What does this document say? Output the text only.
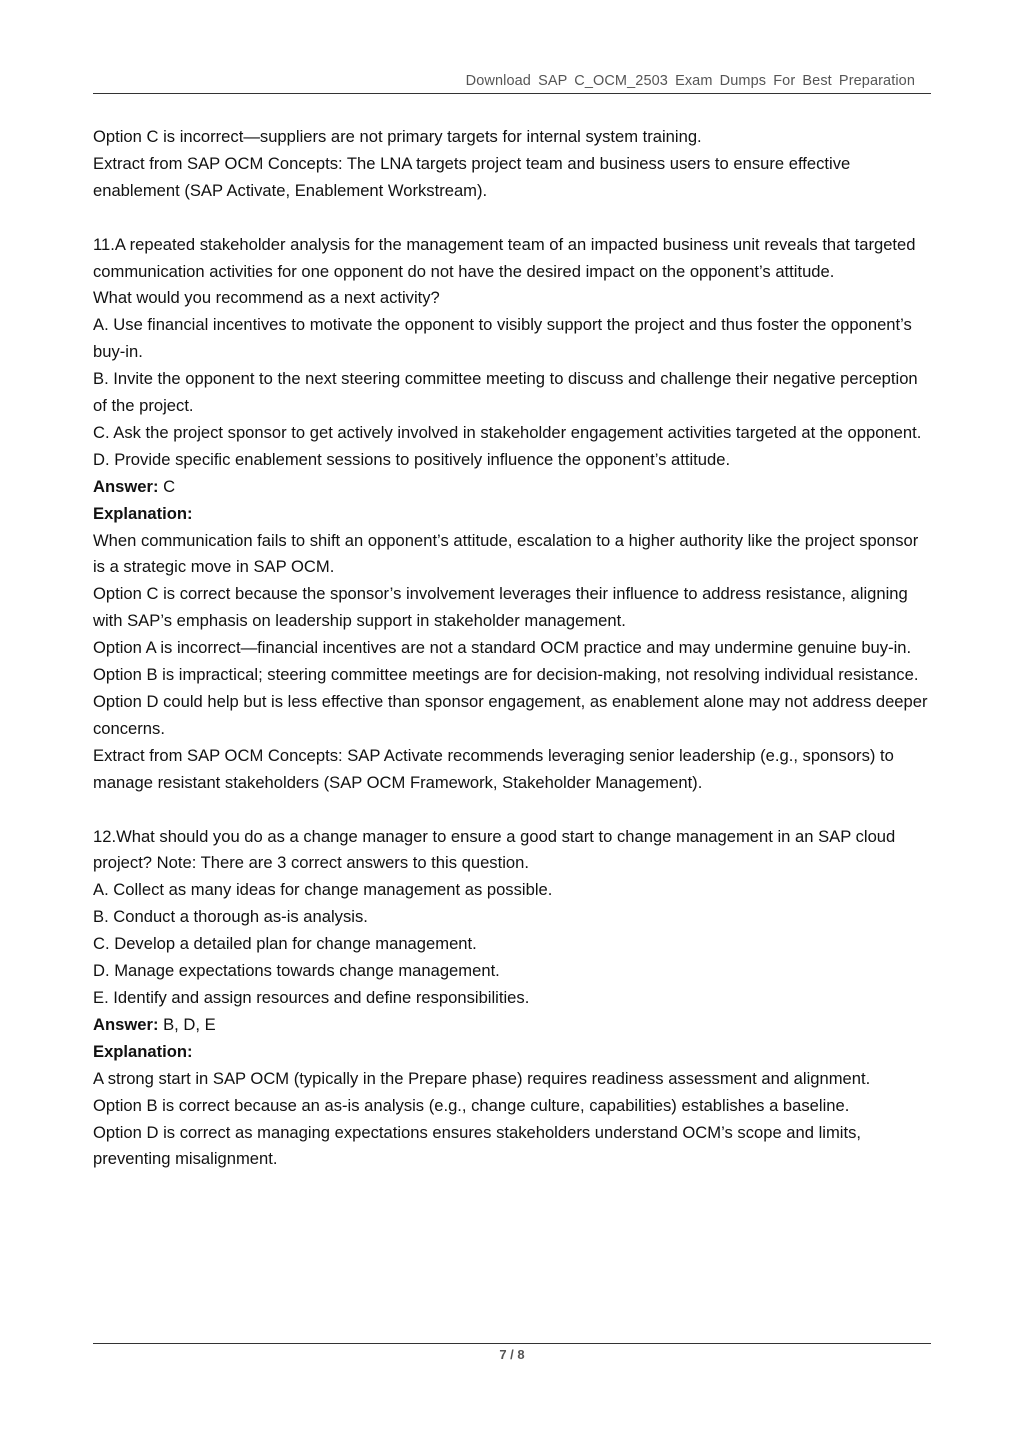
Download SAP C_OCM_2503 Exam Dumps For Best Preparation

Option C is incorrect—suppliers are not primary targets for internal system training.

Extract from SAP OCM Concepts: The LNA targets project team and business users to ensure effective enablement (SAP Activate, Enablement Workstream).

11.A repeated stakeholder analysis for the management team of an impacted business unit reveals that targeted communication activities for one opponent do not have the desired impact on the opponent’s attitude.

What would you recommend as a next activity?

A. Use financial incentives to motivate the opponent to visibly support the project and thus foster the opponent’s buy-in.

B. Invite the opponent to the next steering committee meeting to discuss and challenge their negative perception of the project.

C. Ask the project sponsor to get actively involved in stakeholder engagement activities targeted at the opponent.

D. Provide specific enablement sessions to positively influence the opponent’s attitude.

Answer: C

Explanation:

When communication fails to shift an opponent’s attitude, escalation to a higher authority like the project sponsor is a strategic move in SAP OCM.

Option C is correct because the sponsor’s involvement leverages their influence to address resistance, aligning with SAP’s emphasis on leadership support in stakeholder management.

Option A is incorrect—financial incentives are not a standard OCM practice and may undermine genuine buy-in.

Option B is impractical; steering committee meetings are for decision-making, not resolving individual resistance.

Option D could help but is less effective than sponsor engagement, as enablement alone may not address deeper concerns.

Extract from SAP OCM Concepts: SAP Activate recommends leveraging senior leadership (e.g., sponsors) to manage resistant stakeholders (SAP OCM Framework, Stakeholder Management).

12.What should you do as a change manager to ensure a good start to change management in an SAP cloud project? Note: There are 3 correct answers to this question.

A. Collect as many ideas for change management as possible.

B. Conduct a thorough as-is analysis.

C. Develop a detailed plan for change management.

D. Manage expectations towards change management.

E. Identify and assign resources and define responsibilities.

Answer: B, D, E

Explanation:

A strong start in SAP OCM (typically in the Prepare phase) requires readiness assessment and alignment.

Option B is correct because an as-is analysis (e.g., change culture, capabilities) establishes a baseline.

Option D is correct as managing expectations ensures stakeholders understand OCM’s scope and limits, preventing misalignment.

7 / 8
